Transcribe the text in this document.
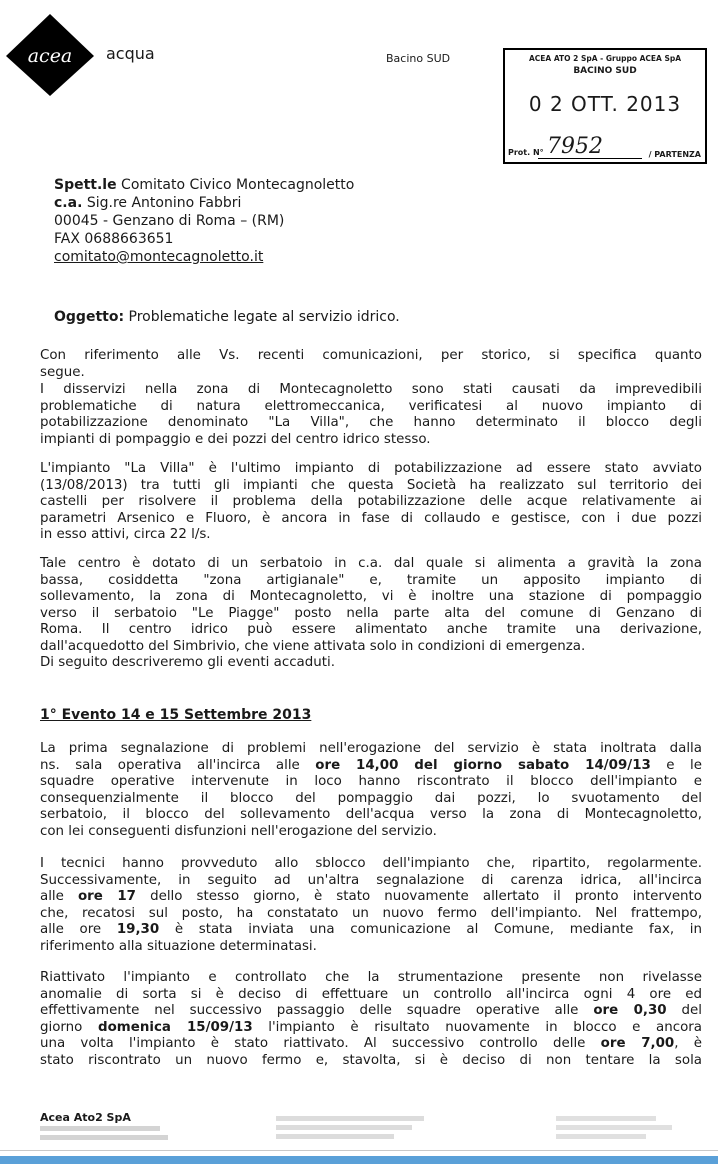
acea acqua	Bacino SUD	ACEA ATO 2 SpA - Gruppo ACEA SpA
BACINO SUD
0 2 OTT. 2013
Prot. N° 7952	/ PARTENZA
Spett.le Comitato Civico Montecagnoletto
c.a. Sig.re Antonino Fabbri
00045 - Genzano di Roma – (RM)
FAX 0688663651
comitato@montecagnoletto.it
Oggetto: Problematiche legate al servizio idrico.
Con riferimento alle Vs. recenti comunicazioni, per storico, si specifica quanto
segue.
I disservizi nella zona di Montecagnoletto sono stati causati da imprevedibili
problematiche di natura elettromeccanica, verificatesi al nuovo impianto di
potabilizzazione denominato "La Villa", che hanno determinato il blocco degli
impianti di pompaggio e dei pozzi del centro idrico stesso.
L'impianto "La Villa" è l'ultimo impianto di potabilizzazione ad essere stato avviato
(13/08/2013) tra tutti gli impianti che questa Società ha realizzato sul territorio dei
castelli per risolvere il problema della potabilizzazione delle acque relativamente ai
parametri Arsenico e Fluoro, è ancora in fase di collaudo e gestisce, con i due pozzi
in esso attivi, circa 22 l/s.
Tale centro è dotato di un serbatoio in c.a. dal quale si alimenta a gravità la zona
bassa, cosiddetta "zona artigianale" e, tramite un apposito impianto di
sollevamento, la zona di Montecagnoletto, vi è inoltre una stazione di pompaggio
verso il serbatoio "Le Piagge" posto nella parte alta del comune di Genzano di
Roma. Il centro idrico può essere alimentato anche tramite una derivazione,
dall'acquedotto del Simbrivio, che viene attivata solo in condizioni di emergenza.
Di seguito descriveremo gli eventi accaduti.
1° Evento 14 e 15 Settembre 2013
La prima segnalazione di problemi nell'erogazione del servizio è stata inoltrata dalla
ns. sala operativa all'incirca alle ore 14,00 del giorno sabato 14/09/13 e le
squadre operative intervenute in loco hanno riscontrato il blocco dell'impianto e
consequenzialmente il blocco del pompaggio dai pozzi, lo svuotamento del
serbatoio, il blocco del sollevamento dell'acqua verso la zona di Montecagnoletto,
con lei conseguenti disfunzioni nell'erogazione del servizio.
I tecnici hanno provveduto allo sblocco dell'impianto che, ripartito, regolarmente.
Successivamente, in seguito ad un'altra segnalazione di carenza idrica, all'incirca
alle ore 17 dello stesso giorno, è stato nuovamente allertato il pronto intervento
che, recatosi sul posto, ha constatato un nuovo fermo dell'impianto. Nel frattempo,
alle ore 19,30 è stata inviata una comunicazione al Comune, mediante fax, in
riferimento alla situazione determinatasi.
Riattivato l'impianto e controllato che la strumentazione presente non rivelasse
anomalie di sorta si è deciso di effettuare un controllo all'incirca ogni 4 ore ed
effettivamente nel successivo passaggio delle squadre operative alle ore 0,30 del
giorno domenica 15/09/13 l'impianto è risultato nuovamente in blocco e ancora
una volta l'impianto è stato riattivato. Al successivo controllo delle ore 7,00, è
stato riscontrato un nuovo fermo e, stavolta, si è deciso di non tentare la sola
Acea Ato2 SpA
